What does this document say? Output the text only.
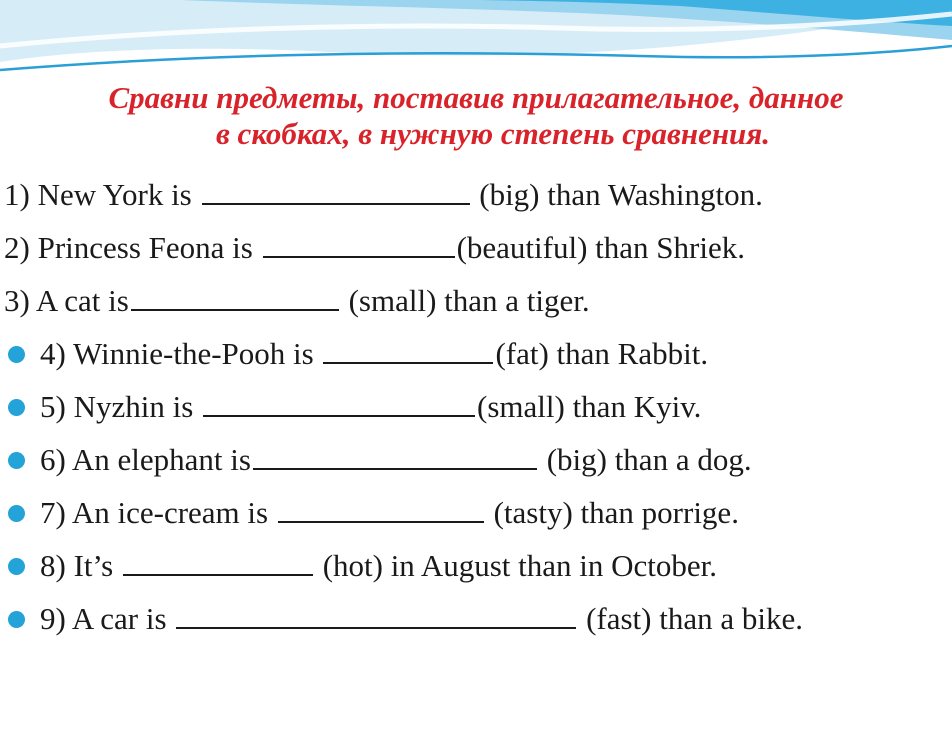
Сравни предметы, поставив прилагательное, данное
в скобках, в нужную степень сравнения.
1) New York is	(big) than Washington.
2) Princess Feona is	(beautiful) than Shriek.
3) A cat is	(small) than a tiger.
4) Winnie-the-Pooh is	(fat) than Rabbit.
5) Nyzhin is	(small) than Kyiv.
6) An elephant is	(big) than a dog.
7) An ice-cream is	(tasty) than porrige.
8) It’s	(hot) in August than in October.
9) A car is	(fast) than a bike.
